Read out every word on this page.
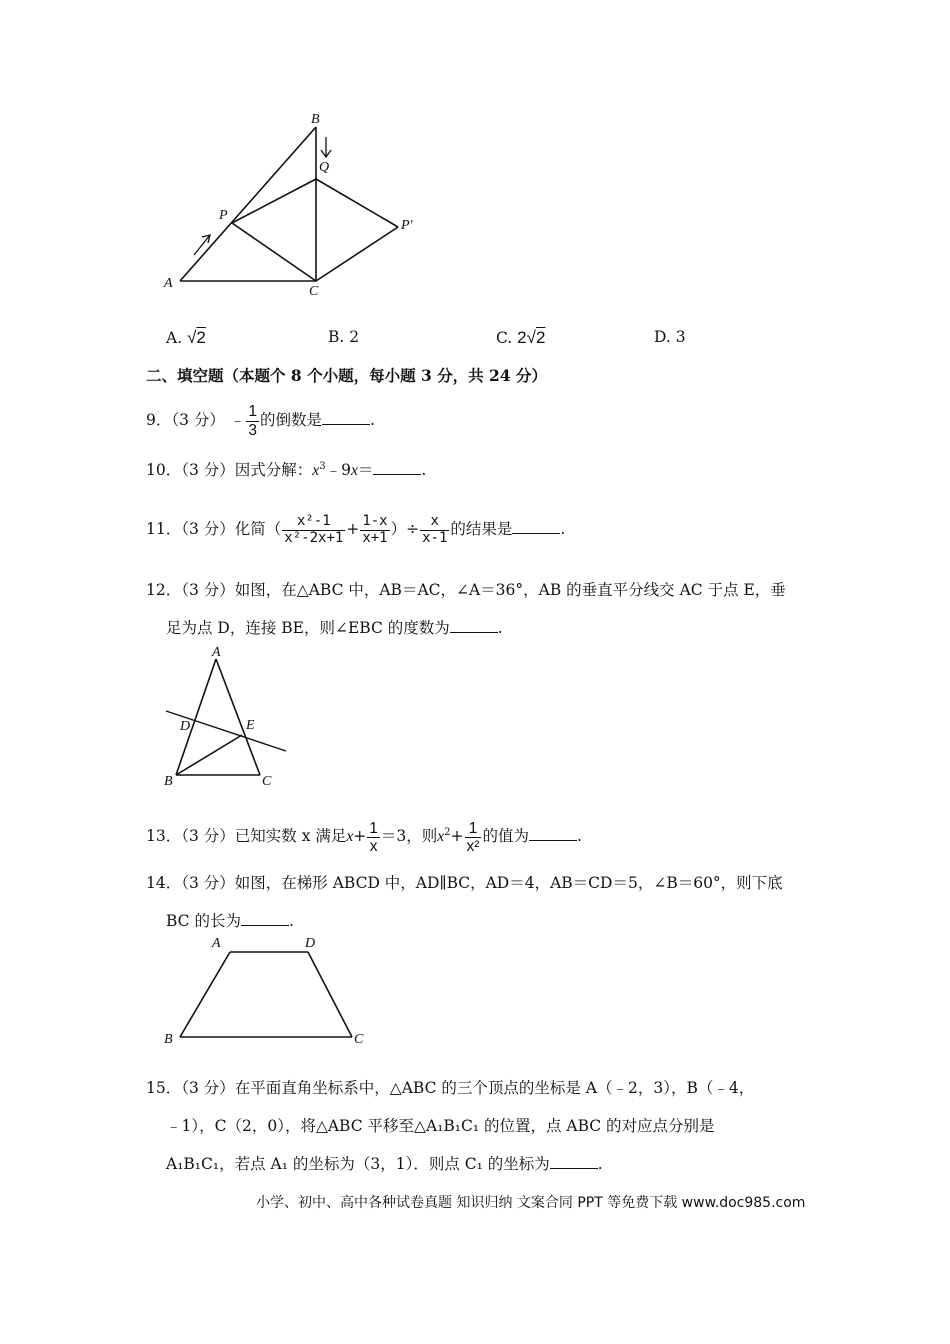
B
Q
P
P′
A
C
A. √2	B. 2	C. 2√2	D. 3
二、填空题（本题个 8 个小题，每小题 3 分，共 24 分）
9．（3 分） ﹣ $\frac{1}{3}$ 的倒数是	.
10．（3 分）因式分解：$x^3﹣9x=$	.
11．（3 分）化简（ $\frac{\text{x²-1}}{\text{x²-2x+1}} + \frac{1-x}{x+1}$ ）÷ $\frac{x}{x-1}$ 的结果是	.
12．（3 分）如图，在△ABC 中，AB＝AC，∠A＝36°，AB 的垂直平分线交 AC 于点 E，垂
足为点 D，连接 BE，则∠EBC 的度数为	.
A
D	E
B	C
13．（3 分）已知实数 x 满足$x+ \frac{1}{x} =3$，则$x^2+ \frac{1}{\text{x²}}$ 的值为	.
14．（3 分）如图，在梯形 ABCD 中，AD∥BC，AD＝4，AB＝CD＝5，∠B＝60°，则下底
BC 的长为	.
A	D
B	C
15．（3 分）在平面直角坐标系中，△ABC 的三个顶点的坐标是 A（﹣2，3），B（﹣4，
﹣1），C（2，0），将△ABC 平移至△A₁B₁C₁ 的位置，点 ABC 的对应点分别是
A₁B₁C₁，若点 A₁ 的坐标为（3，1）．则点 C₁ 的坐标为	.
小学、初中、高中各种试卷真题 知识归纳 文案合同 PPT 等免费下载 www.doc985.com
